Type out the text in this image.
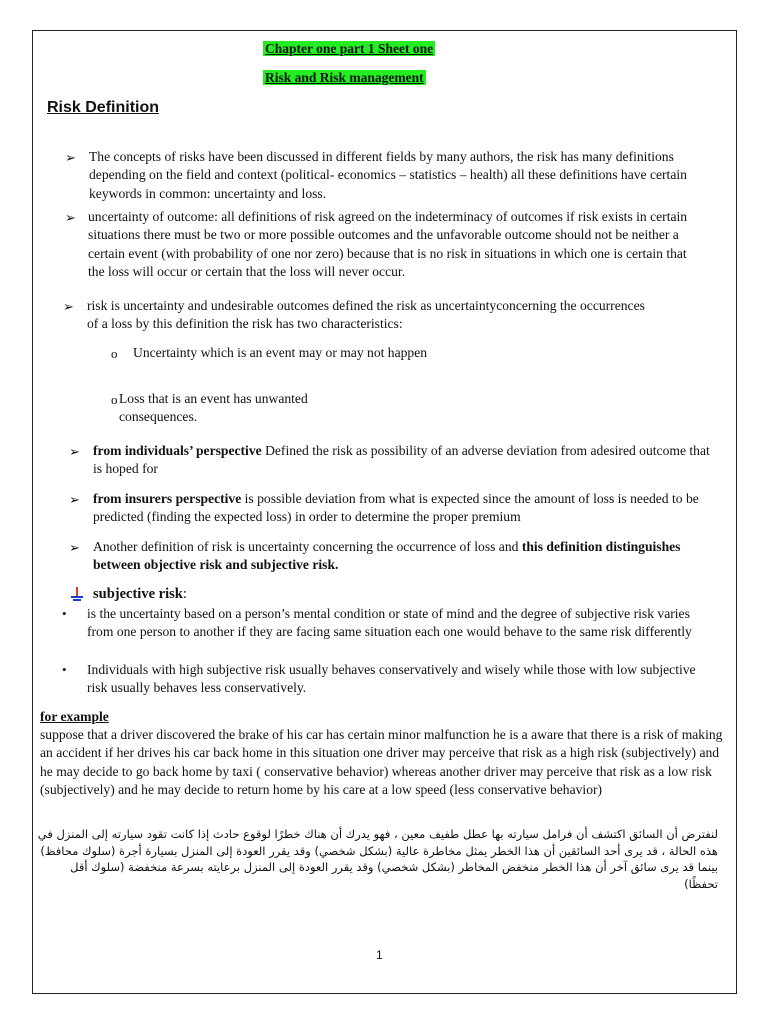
Chapter one part 1 Sheet one
Risk and Risk management
Risk Definition
➢ The concepts of risks have been discussed in different fields by many authors, the risk has many definitions depending on the field and context (political- economics – statistics – health) all these definitions have certain keywords in common: uncertainty and loss.
➢ uncertainty of outcome: all definitions of risk agreed on the indeterminacy of outcomes if risk exists in certain situations there must be two or more possible outcomes and the unfavorable outcome should not be neither a certain event (with probability of one nor zero) because that is no risk in situations in which one is certain that the loss will occur or certain that the loss will never occur.
➢ risk is uncertainty and undesirable outcomes defined the risk as uncertaintyconcerning the occurrences of a loss by this definition the risk has two characteristics:
o Uncertainty which is an event may or may not happen
o Loss that is an event has unwanted consequences.
➢ from individuals’ perspective Defined the risk as possibility of an adverse deviation from adesired outcome that is hoped for
➢ from insurers perspective is possible deviation from what is expected since the amount of loss is needed to be predicted (finding the expected loss) in order to determine the proper premium
➢ Another definition of risk is uncertainty concerning the occurrence of loss and this definition distinguishes between objective risk and subjective risk.
subjective risk:
• is the uncertainty based on a person’s mental condition or state of mind and the degree of subjective risk varies from one person to another if they are facing same situation each one would behave to the same risk differently
• Individuals with high subjective risk usually behaves conservatively and wisely while those with low subjective risk usually behaves less conservatively.
for example
suppose that a driver discovered the brake of his car has certain minor malfunction he is a aware that there is a risk of making an accident if her drives his car back home in this situation one driver may perceive that risk as a high risk (subjectively) and he may decide to go back home by taxi ( conservative behavior) whereas another driver may perceive that risk as a low risk (subjectively) and he may decide to return home by his care at a low speed (less conservative behavior)
لنفترض أن السائق اكتشف أن فرامل سيارته بها عطل طفيف معين ، فهو يدرك أن هناك خطرًا لوقوع حادث إذا كانت تقود سيارته إلى المنزل في هذه الحالة ، قد يرى أحد السائقين أن هذا الخطر يمثل مخاطرة عالية (بشكل شخصي) وقد يقرر العودة إلى المنزل بسيارة أجرة (سلوك محافظ) بينما قد يرى سائق آخر أن هذا الخطر منخفض المخاطر (بشكل شخصي) وقد يقرر العودة إلى المنزل برعايته بسرعة منخفضة (سلوك أقل تحفظًا)
1
